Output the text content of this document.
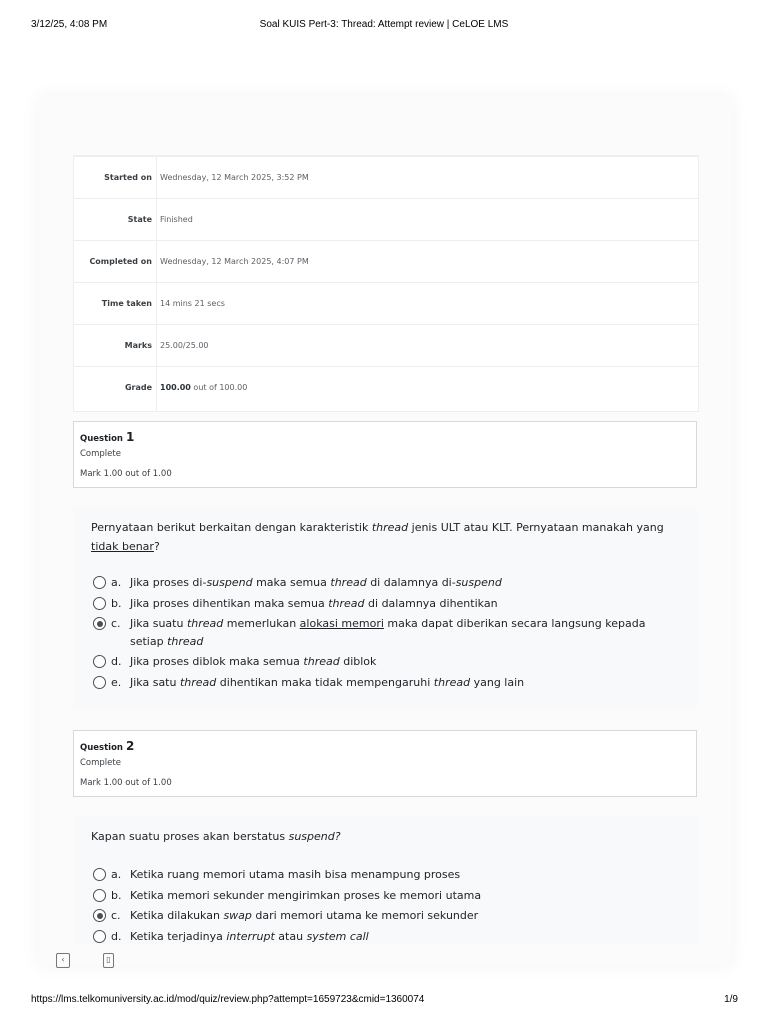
3/12/25, 4:08 PM	Soal KUIS Pert-3: Thread: Attempt review | CeLOE LMS
Started on Wednesday, 12 March 2025, 3:52 PM
State Finished
Completed on Wednesday, 12 March 2025, 4:07 PM
Time taken 14 mins 21 secs
Marks 25.00/25.00
Grade 100.00 out of 100.00
Question 1
Complete
Mark 1.00 out of 1.00
Pernyataan berikut berkaitan dengan karakteristik thread jenis ULT atau KLT. Pernyataan manakah yang tidak benar?
a. Jika proses di-suspend maka semua thread di dalamnya di-suspend
b. Jika proses dihentikan maka semua thread di dalamnya dihentikan
c. Jika suatu thread memerlukan alokasi memori maka dapat diberikan secara langsung kepada setiap thread
d. Jika proses diblok maka semua thread diblok
e. Jika satu thread dihentikan maka tidak mempengaruhi thread yang lain
Question 2
Complete
Mark 1.00 out of 1.00
Kapan suatu proses akan berstatus suspend?
a. Ketika ruang memori utama masih bisa menampung proses
b. Ketika memori sekunder mengirimkan proses ke memori utama
c. Ketika dilakukan swap dari memori utama ke memori sekunder
d. Ketika terjadinya interrupt atau system call
‹	▯
https://lms.telkomuniversity.ac.id/mod/quiz/review.php?attempt=1659723&cmid=1360074	1/9
